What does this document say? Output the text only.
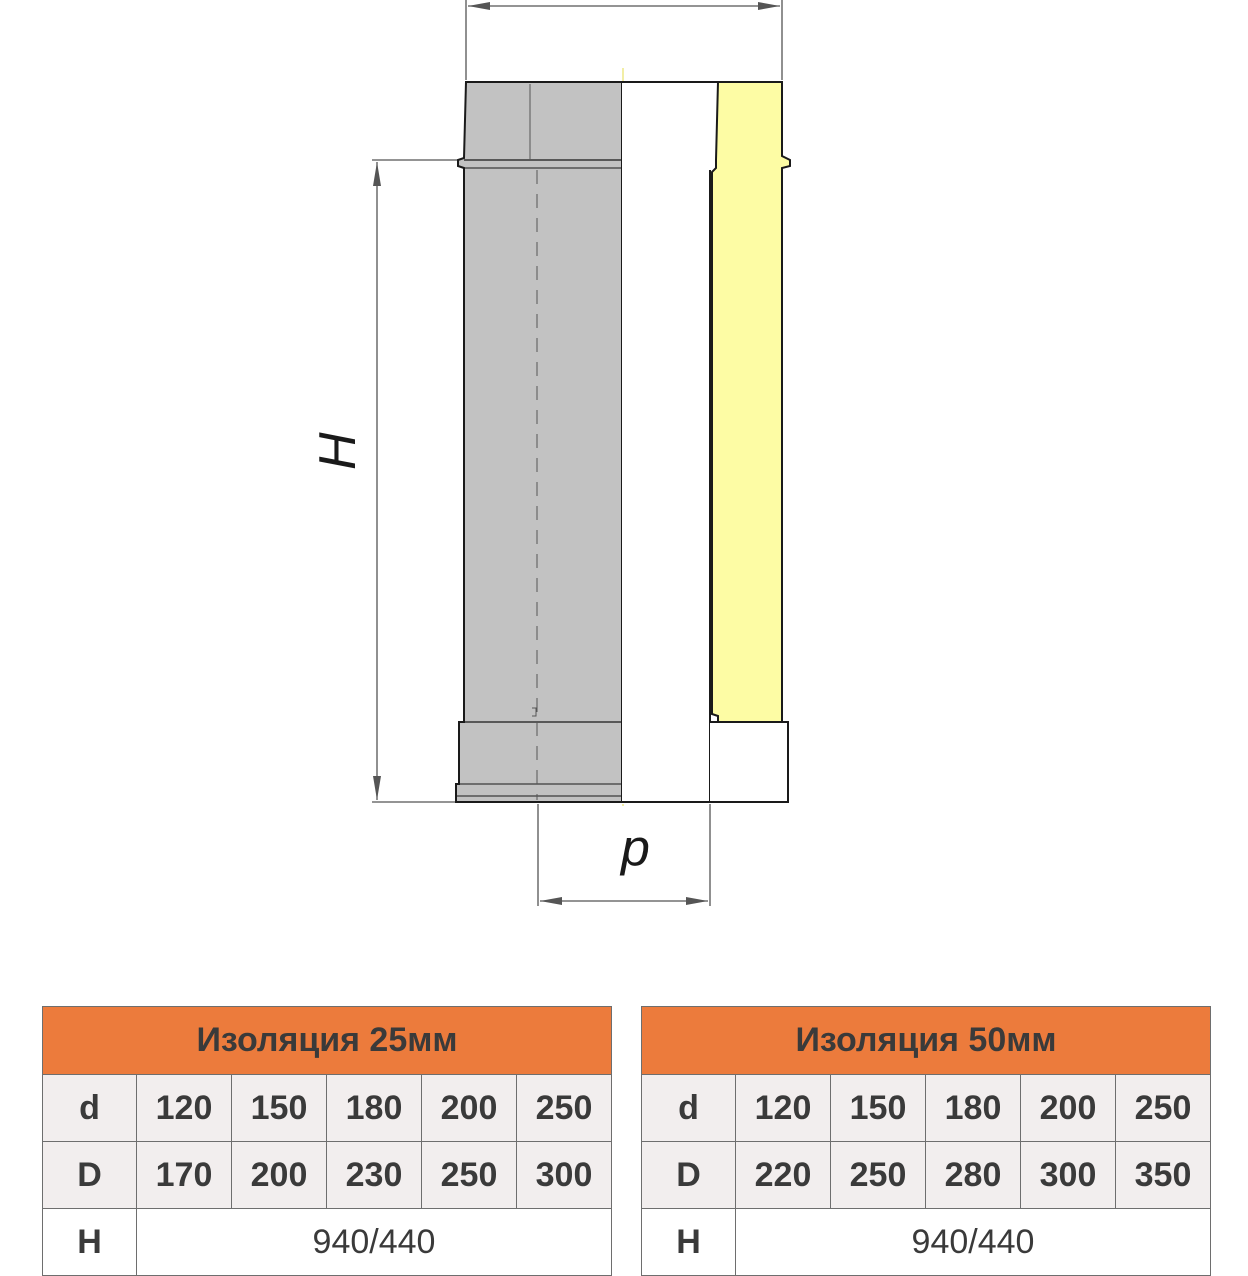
H
d
Изоляция 25мм					
d	120	150	180	200	250
D	170	200	230	250	300
H	940/440				
Изоляция 50мм					
d	120	150	180	200	250
D	220	250	280	300	350
H	940/440				
